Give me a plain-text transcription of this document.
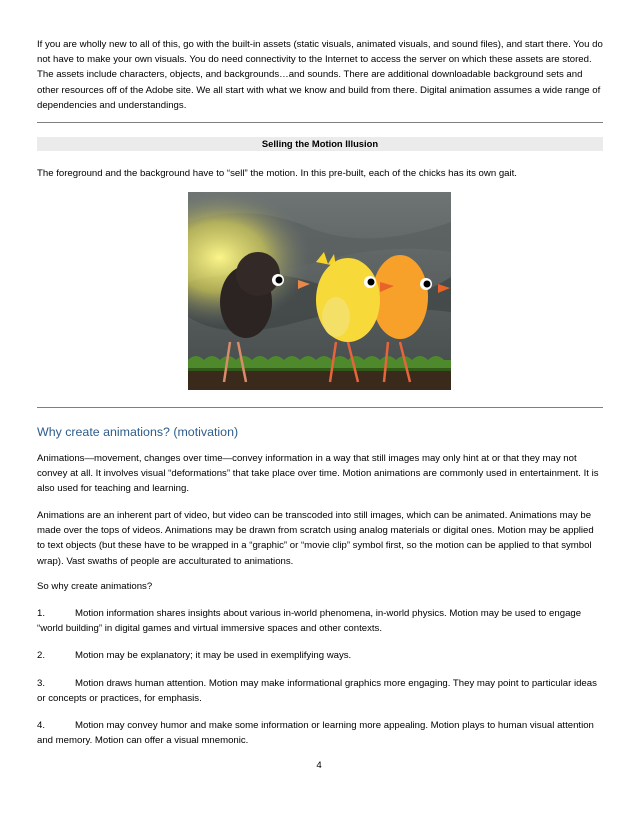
If you are wholly new to all of this, go with the built-in assets (static visuals, animated visuals, and sound files), and start there. You do not have to make your own visuals. You do need connectivity to the Internet to access the server on which these assets are stored. The assets include characters, objects, and backgrounds…and sounds. There are additional downloadable background sets and other resources off of the Adobe site. We all start with what we know and build from there. Digital animation assumes a wide range of dependencies and understandings.

Selling the Motion Illusion

The foreground and the background have to “sell” the motion. In this pre-built, each of the chicks has its own gait.

Why create animations? (motivation)

Animations—movement, changes over time—convey information in a way that still images may only hint at or that they may not convey at all. It involves visual “deformations” that take place over time. Motion animations are commonly used in entertainment. It is also used for teaching and learning.

Animations are an inherent part of video, but video can be transcoded into still images, which can be animated. Animations may be made over the tops of videos. Animations may be drawn from scratch using analog materials or digital ones. Motion may be applied to text objects (but these have to be wrapped in a “graphic” or “movie clip” symbol first, so the motion can be applied to that symbol wrap). Vast swaths of people are acculturated to animations.

So why create animations?

1.	Motion information shares insights about various in-world phenomena, in-world physics. Motion may be used to engage “world building” in digital games and virtual immersive spaces and other contexts.
2.	Motion may be explanatory; it may be used in exemplifying ways.
3.	Motion draws human attention. Motion may make informational graphics more engaging. They may point to particular ideas or concepts or practices, for emphasis.
4.	Motion may convey humor and make some information or learning more appealing. Motion plays to human visual attention and memory. Motion can offer a visual mnemonic.
4
